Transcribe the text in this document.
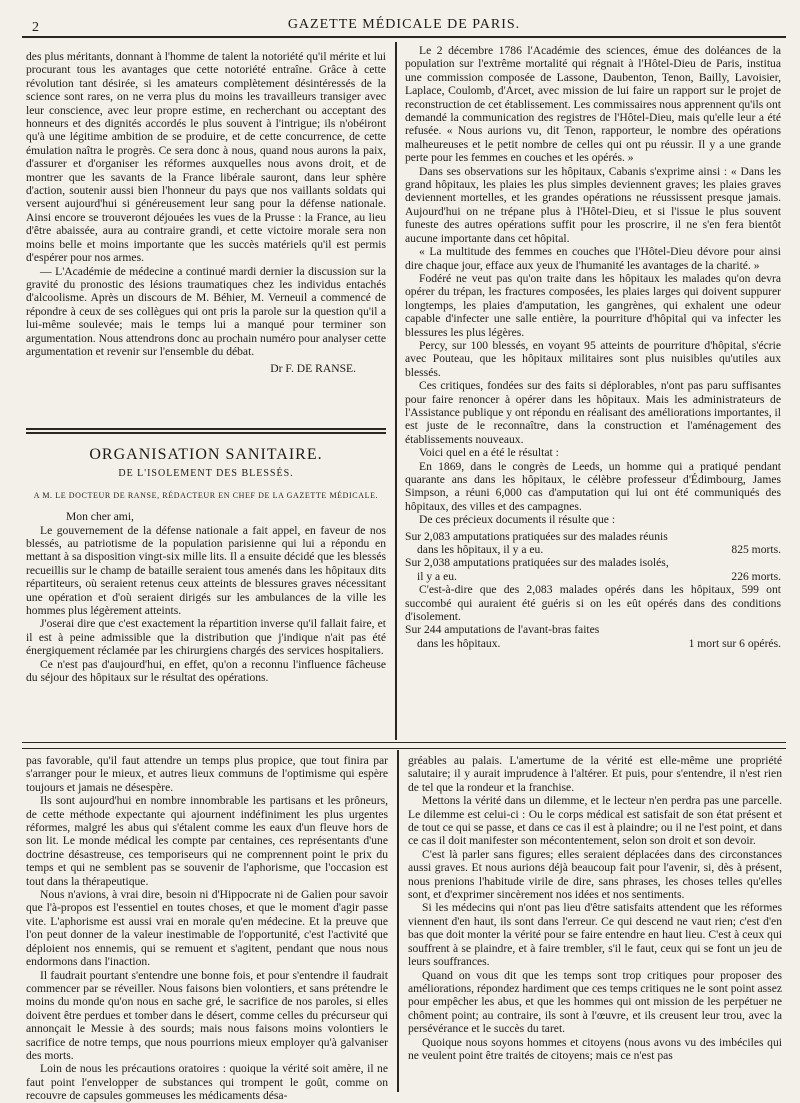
2	GAZETTE MÉDICALE DE PARIS.

des plus méritants, donnant à l'homme de talent la notoriété qu'il mérite et lui procurant tous les avantages que cette notoriété entraîne. Grâce à cette révolution tant désirée, si les amateurs complètement désintéressés de la science sont rares, on ne verra plus du moins les travailleurs transiger avec leur conscience, avec leur propre estime, en recherchant ou acceptant des honneurs et des dignités accordés le plus souvent à l'intrigue; ils n'obéiront qu'à une légitime ambition de se produire, et de cette concurrence, de cette émulation naîtra le progrès. Ce sera donc à nous, quand nous aurons la paix, d'assurer et d'organiser les réformes auxquelles nous avons droit, et de montrer que les savants de la France libérale sauront, dans leur sphère d'action, soutenir aussi bien l'honneur du pays que nos vaillants soldats qui versent aujourd'hui si généreusement leur sang pour la défense nationale. Ainsi encore se trouveront déjouées les vues de la Prusse : la France, au lieu d'être abaissée, aura au contraire grandi, et cette victoire morale sera non moins belle et moins importante que les succès matériels qu'il est permis d'espérer pour nos armes.

— L'Académie de médecine a continué mardi dernier la discussion sur la gravité du pronostic des lésions traumatiques chez les individus entachés d'alcoolisme. Après un discours de M. Béhier, M. Verneuil a commencé de répondre à ceux de ses collègues qui ont pris la parole sur la question qu'il a lui-même soulevée; mais le temps lui a manqué pour terminer son argumentation. Nous attendrons donc au prochain numéro pour analyser cette argumentation et revenir sur l'ensemble du débat.

Dr F. DE RANSE.

ORGANISATION SANITAIRE.
DE L'ISOLEMENT DES BLESSÉS.
A M. LE DOCTEUR DE RANSE, RÉDACTEUR EN CHEF DE LA GAZETTE MÉDICALE.

Mon cher ami,

Le gouvernement de la défense nationale a fait appel, en faveur de nos blessés, au patriotisme de la population parisienne qui lui a répondu en mettant à sa disposition vingt-six mille lits. Il a ensuite décidé que les blessés recueillis sur le champ de bataille seraient tous amenés dans les hôpitaux dits répartiteurs, où seraient retenus ceux atteints de blessures graves nécessitant une opération et d'où seraient dirigés sur les ambulances de la ville les hommes plus légèrement atteints.

J'oserai dire que c'est exactement la répartition inverse qu'il fallait faire, et il est à peine admissible que la distribution que j'indique n'ait pas été énergiquement réclamée par les chirurgiens chargés des services hospitaliers.

Ce n'est pas d'aujourd'hui, en effet, qu'on a reconnu l'influence fâcheuse du séjour des hôpitaux sur le résultat des opérations.

Le 2 décembre 1786 l'Académie des sciences, émue des doléances de la population sur l'extrême mortalité qui régnait à l'Hôtel-Dieu de Paris, institua une commission composée de Lassone, Daubenton, Tenon, Bailly, Lavoisier, Laplace, Coulomb, d'Arcet, avec mission de lui faire un rapport sur le projet de reconstruction de cet établissement. Les commissaires nous apprennent qu'ils ont demandé la communication des registres de l'Hôtel-Dieu, mais qu'elle leur a été refusée. « Nous aurions vu, dit Tenon, rapporteur, le nombre des opérations malheureuses et le petit nombre de celles qui ont pu réussir. Il y a une grande perte pour les femmes en couches et les opérés. »

Dans ses observations sur les hôpitaux, Cabanis s'exprime ainsi : « Dans les grand hôpitaux, les plaies les plus simples deviennent graves; les plaies graves deviennent mortelles, et les grandes opérations ne réussissent presque jamais. Aujourd'hui on ne trépane plus à l'Hôtel-Dieu, et si l'issue le plus souvent funeste des autres opérations suffit pour les proscrire, il ne s'en fera bientôt aucune importante dans cet hôpital.

« La multitude des femmes en couches que l'Hôtel-Dieu dévore pour ainsi dire chaque jour, efface aux yeux de l'humanité les avantages de la charité. »

Fodéré ne veut pas qu'on traite dans les hôpitaux les malades qu'on devra opérer du trépan, les fractures composées, les plaies larges qui doivent suppurer longtemps, les plaies d'amputation, les gangrènes, qui exhalent une odeur capable d'infecter une salle entière, la pourriture d'hôpital qui va infecter les blessures les plus légères.

Percy, sur 100 blessés, en voyant 95 atteints de pourriture d'hôpital, s'écrie avec Pouteau, que les hôpitaux militaires sont plus nuisibles qu'utiles aux blessés.

Ces critiques, fondées sur des faits si déplorables, n'ont pas paru suffisantes pour faire renoncer à opérer dans les hôpitaux. Mais les administrateurs de l'Assistance publique y ont répondu en réalisant des améliorations importantes, il est juste de le reconnaître, dans la construction et l'aménagement des établissements nouveaux.

Voici quel en a été le résultat :

En 1869, dans le congrès de Leeds, un homme qui a pratiqué pendant quarante ans dans les hôpitaux, le célèbre professeur d'Édimbourg, James Simpson, a réuni 6,000 cas d'amputation qui lui ont été communiqués des hôpitaux, des villes et des campagnes.

De ces précieux documents il résulte que :

Sur 2,083 amputations pratiquées sur des malades réunis

dans les hôpitaux, il y a eu.	825 morts.

Sur 2,038 amputations pratiquées sur des malades isolés,

il y a eu.	226 morts.

C'est-à-dire que des 2,083 malades opérés dans les hôpitaux, 599 ont succombé qui auraient été guéris si on les eût opérés dans des conditions d'isolement.

Sur 244 amputations de l'avant-bras faites

dans les hôpitaux.	1 mort sur 6 opérés.

pas favorable, qu'il faut attendre un temps plus propice, que tout finira par s'arranger pour le mieux, et autres lieux communs de l'optimisme qui espère toujours et jamais ne désespère.

Ils sont aujourd'hui en nombre innombrable les partisans et les prôneurs, de cette méthode expectante qui ajournent indéfiniment les plus urgentes réformes, malgré les abus qui s'étalent comme les eaux d'un fleuve hors de son lit. Le monde médical les compte par centaines, ces représentants d'une doctrine désastreuse, ces temporiseurs qui ne comprennent point le prix du temps et qui ne semblent pas se souvenir de l'aphorisme, que l'occasion est tout dans la thérapeutique.

Nous n'avions, à vrai dire, besoin ni d'Hippocrate ni de Galien pour savoir que l'à-propos est l'essentiel en toutes choses, et que le moment d'agir passe vite. L'aphorisme est aussi vrai en morale qu'en médecine. Et la preuve que l'on peut donner de la valeur inestimable de l'opportunité, c'est l'activité que déploient nos ennemis, qui se remuent et s'agitent, pendant que nous nous endormons dans l'inaction.

Il faudrait pourtant s'entendre une bonne fois, et pour s'entendre il faudrait commencer par se réveiller. Nous faisons bien volontiers, et sans prétendre le moins du monde qu'on nous en sache gré, le sacrifice de nos paroles, si elles doivent être perdues et tomber dans le désert, comme celles du précurseur qui annonçait le Messie à des sourds; mais nous faisons moins volontiers le sacrifice de notre temps, que nous pourrions mieux employer qu'à galvaniser des morts.

Loin de nous les précautions oratoires : quoique la vérité soit amère, il ne faut point l'envelopper de substances qui trompent le goût, comme on recouvre de capsules gommeuses les médicaments désa-

gréables au palais. L'amertume de la vérité est elle-même une propriété salutaire; il y aurait imprudence à l'altérer. Et puis, pour s'entendre, il n'est rien de tel que la rondeur et la franchise.

Mettons la vérité dans un dilemme, et le lecteur n'en perdra pas une parcelle. Le dilemme est celui-ci : Ou le corps médical est satisfait de son état présent et de tout ce qui se passe, et dans ce cas il est à plaindre; ou il ne l'est point, et dans ce cas il doit manifester son mécontentement, selon son droit et son devoir.

C'est là parler sans figures; elles seraient déplacées dans des circonstances aussi graves. Et nous aurions déjà beaucoup fait pour l'avenir, si, dès à présent, nous prenions l'habitude virile de dire, sans phrases, les choses telles qu'elles sont, et d'exprimer sincèrement nos idées et nos sentiments.

Si les médecins qui n'ont pas lieu d'être satisfaits attendent que les réformes viennent d'en haut, ils sont dans l'erreur. Ce qui descend ne vaut rien; c'est d'en bas que doit monter la vérité pour se faire entendre en haut lieu. C'est à ceux qui souffrent à se plaindre, et à faire trembler, s'il le faut, ceux qui se font un jeu de leurs souffrances.

Quand on vous dit que les temps sont trop critiques pour proposer des améliorations, répondez hardiment que ces temps critiques ne le sont point assez pour empêcher les abus, et que les hommes qui ont mission de les perpétuer ne chôment point; au contraire, ils sont à l'œuvre, et ils creusent leur trou, avec la persévérance et le succès du taret.

Quoique nous soyons hommes et citoyens (nous avons vu des imbéciles qui ne veulent point être traités de citoyens; mais ce n'est pas
